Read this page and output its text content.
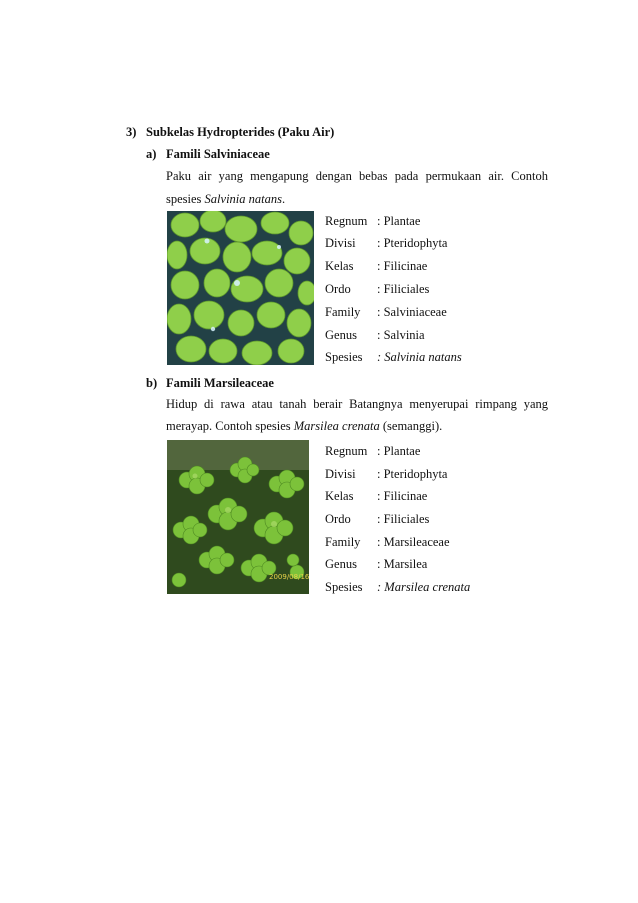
3) Subkelas Hydropterides (Paku Air)
a) Famili Salviniaceae
Paku air yang mengapung dengan bebas pada permukaan air. Contoh
spesies Salvinia natans.
Regnum : Plantae
Divisi : Pteridophyta
Kelas : Filicinae
Ordo : Filiciales
Family : Salviniaceae
Genus : Salvinia
Spesies : Salvinia natans
b) Famili Marsileaceae
Hidup di rawa atau tanah berair Batangnya menyerupai rimpang yang
merayap. Contoh spesies Marsilea crenata (semanggi).
2009/08/16
Regnum : Plantae
Divisi : Pteridophyta
Kelas : Filicinae
Ordo : Filiciales
Family : Marsileaceae
Genus : Marsilea
Spesies : Marsilea crenata
